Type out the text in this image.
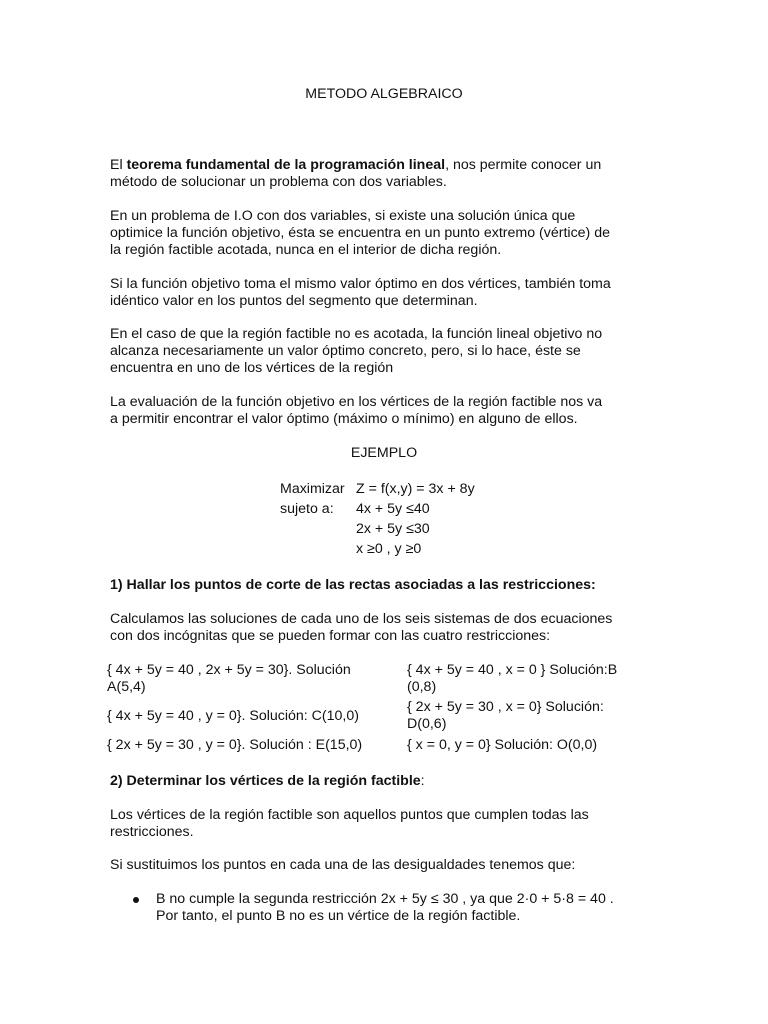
METODO ALGEBRAICO
El teorema fundamental de la programación lineal, nos permite conocer un
método de solucionar un problema con dos variables.
En un problema de I.O con dos variables, si existe una solución única que
optimice la función objetivo, ésta se encuentra en un punto extremo (vértice) de
la región factible acotada, nunca en el interior de dicha región.
Si la función objetivo toma el mismo valor óptimo en dos vértices, también toma
idéntico valor en los puntos del segmento que determinan.
En el caso de que la región factible no es acotada, la función lineal objetivo no
alcanza necesariamente un valor óptimo concreto, pero, si lo hace, éste se
encuentra en uno de los vértices de la región
La evaluación de la función objetivo en los vértices de la región factible nos va
a permitir encontrar el valor óptimo (máximo o mínimo) en alguno de ellos.
EJEMPLO
Maximizar
sujeto a:
Z = f(x,y) = 3x + 8y
4x + 5y ≤40
2x + 5y ≤30
x ≥0 , y ≥0
1) Hallar los puntos de corte de las rectas asociadas a las restricciones:
Calculamos las soluciones de cada uno de los seis sistemas de dos ecuaciones
con dos incógnitas que se pueden formar con las cuatro restricciones:
{ 4x + 5y = 40 , 2x + 5y = 30}. Solución
A(5,4)
{ 4x + 5y = 40 , y = 0}. Solución: C(10,0)
{ 2x + 5y = 30 , y = 0}. Solución : E(15,0)
{ 4x + 5y = 40 , x = 0 } Solución:B
(0,8)
{ 2x + 5y = 30 , x = 0} Solución:
D(0,6)
{ x = 0, y = 0} Solución: O(0,0)
2) Determinar los vértices de la región factible:
Los vértices de la región factible son aquellos puntos que cumplen todas las
restricciones.
Si sustituimos los puntos en cada una de las desigualdades tenemos que:
B no cumple la segunda restricción 2x + 5y ≤ 30 , ya que 2·0 + 5·8 = 40 .
Por tanto, el punto B no es un vértice de la región factible.
